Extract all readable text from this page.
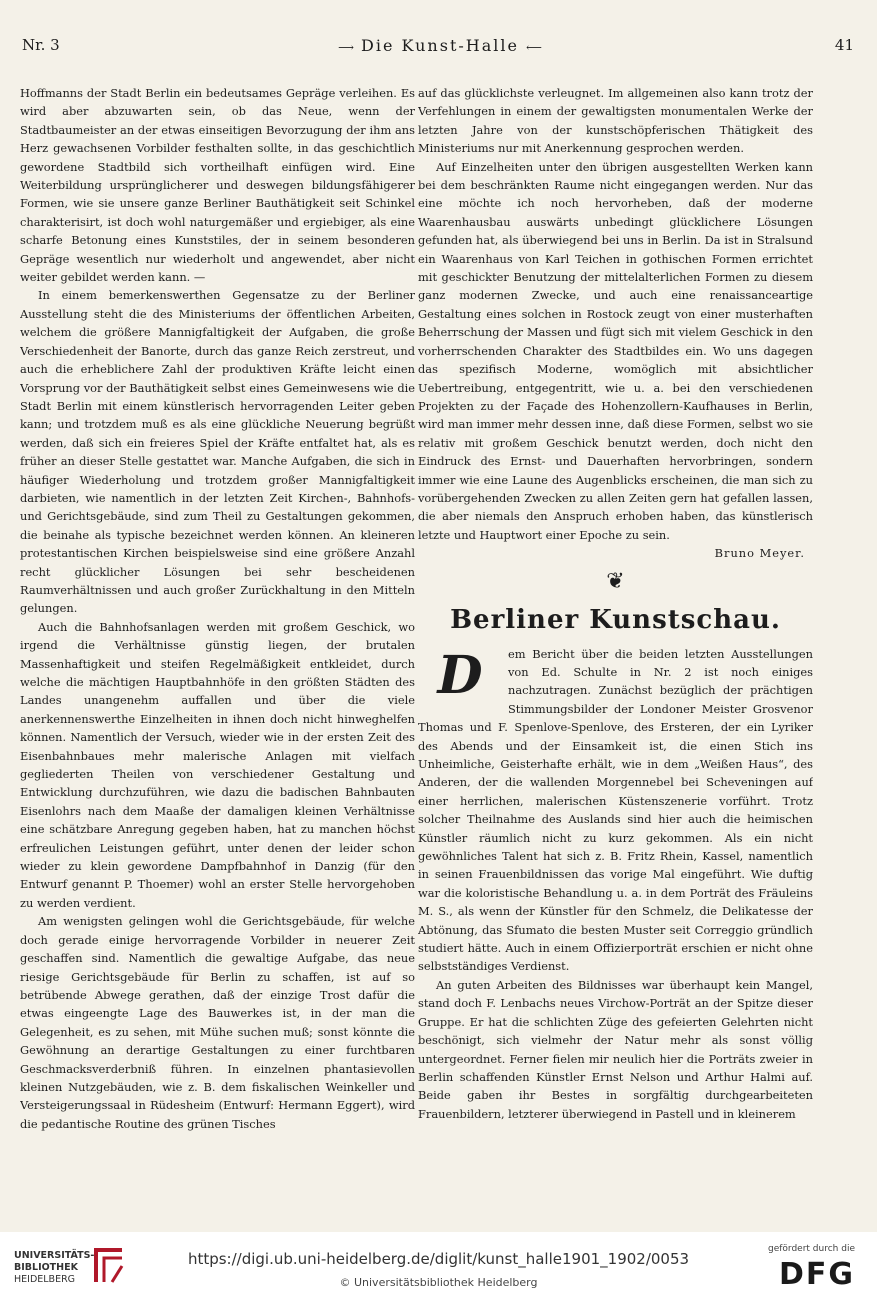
Nr. 3	⟶ Die Kunst-Halle ⟵	41

Hoffmanns der Stadt Berlin ein bedeutsames Gepräge verleihen. Es wird aber abzuwarten sein, ob das Neue, wenn der Stadtbaumeister an der etwas einseitigen Bevorzugung der ihm ans Herz gewachsenen Vorbilder festhalten sollte, in das geschichtlich gewordene Stadtbild sich vortheilhaft einfügen wird. Eine Weiterbildung ursprünglicherer und deswegen bildungsfähigerer Formen, wie sie unsere ganze Berliner Bauthätigkeit seit Schinkel charakterisirt, ist doch wohl naturgemäßer und ergiebiger, als eine scharfe Betonung eines Kunststiles, der in seinem besonderen Gepräge wesentlich nur wiederholt und angewendet, aber nicht weiter gebildet werden kann. —

In einem bemerkenswerthen Gegensatze zu der Berliner Ausstellung steht die des Ministeriums der öffentlichen Arbeiten, welchem die größere Mannigfaltigkeit der Aufgaben, die große Verschiedenheit der Banorte, durch das ganze Reich zerstreut, und auch die erheblichere Zahl der produktiven Kräfte leicht einen Vorsprung vor der Bauthätigkeit selbst eines Gemeinwesens wie die Stadt Berlin mit einem künstlerisch hervorragenden Leiter geben kann; und trotzdem muß es als eine glückliche Neuerung begrüßt werden, daß sich ein freieres Spiel der Kräfte entfaltet hat, als es früher an dieser Stelle gestattet war. Manche Aufgaben, die sich in häufiger Wiederholung und trotzdem großer Mannigfaltigkeit darbieten, wie namentlich in der letzten Zeit Kirchen-, Bahnhofs- und Gerichtsgebäude, sind zum Theil zu Gestaltungen gekommen, die beinahe als typische bezeichnet werden können. An kleineren protestantischen Kirchen beispielsweise sind eine größere Anzahl recht glücklicher Lösungen bei sehr bescheidenen Raumverhältnissen und auch großer Zurückhaltung in den Mitteln gelungen.

Auch die Bahnhofsanlagen werden mit großem Geschick, wo irgend die Verhältnisse günstig liegen, der brutalen Massenhaftigkeit und steifen Regelmäßigkeit entkleidet, durch welche die mächtigen Hauptbahnhöfe in den größten Städten des Landes unangenehm auffallen und über die viele anerkennenswerthe Einzelheiten in ihnen doch nicht hinweghelfen können. Namentlich der Versuch, wieder wie in der ersten Zeit des Eisenbahnbaues mehr malerische Anlagen mit vielfach gegliederten Theilen von verschiedener Gestaltung und Entwicklung durchzuführen, wie dazu die badischen Bahnbauten Eisenlohrs nach dem Maaße der damaligen kleinen Verhältnisse eine schätzbare Anregung gegeben haben, hat zu manchen höchst erfreulichen Leistungen geführt, unter denen der leider schon wieder zu klein gewordene Dampfbahnhof in Danzig (für den Entwurf genannt P. Thoemer) wohl an erster Stelle hervorgehoben zu werden verdient.

Am wenigsten gelingen wohl die Gerichtsgebäude, für welche doch gerade einige hervorragende Vorbilder in neuerer Zeit geschaffen sind. Namentlich die gewaltige Aufgabe, das neue riesige Gerichtsgebäude für Berlin zu schaffen, ist auf so betrübende Abwege gerathen, daß der einzige Trost dafür die etwas eingeengte Lage des Bauwerkes ist, in der man die Gelegenheit, es zu sehen, mit Mühe suchen muß; sonst könnte die Gewöhnung an derartige Gestaltungen zu einer furchtbaren Geschmacksverderbniß führen. In einzelnen phantasievollen kleinen Nutzgebäuden, wie z. B. dem fiskalischen Weinkeller und Versteigerungssaal in Rüdesheim (Entwurf: Hermann Eggert), wird die pedantische Routine des grünen Tisches

auf das glücklichste verleugnet. Im allgemeinen also kann trotz der Verfehlungen in einem der gewaltigsten monumentalen Werke der letzten Jahre von der kunstschöpferischen Thätigkeit des Ministeriums nur mit Anerkennung gesprochen werden.

Auf Einzelheiten unter den übrigen ausgestellten Werken kann bei dem beschränkten Raume nicht eingegangen werden. Nur das eine möchte ich noch hervorheben, daß der moderne Waarenhausbau auswärts unbedingt glücklichere Lösungen gefunden hat, als überwiegend bei uns in Berlin. Da ist in Stralsund ein Waarenhaus von Karl Teichen in gothischen Formen errichtet mit geschickter Benutzung der mittelalterlichen Formen zu diesem ganz modernen Zwecke, und auch eine renaissanceartige Gestaltung eines solchen in Rostock zeugt von einer musterhaften Beherrschung der Massen und fügt sich mit vielem Geschick in den vorherrschenden Charakter des Stadtbildes ein. Wo uns dagegen das spezifisch Moderne, womöglich mit absichtlicher Uebertreibung, entgegentritt, wie u. a. bei den verschiedenen Projekten zu der Façade des Hohenzollern-Kaufhauses in Berlin, wird man immer mehr dessen inne, daß diese Formen, selbst wo sie relativ mit großem Geschick benutzt werden, doch nicht den Eindruck des Ernst- und Dauerhaften hervorbringen, sondern immer wie eine Laune des Augenblicks erscheinen, die man sich zu vorübergehenden Zwecken zu allen Zeiten gern hat gefallen lassen, die aber niemals den Anspruch erhoben haben, das künstlerisch letzte und Hauptwort einer Epoche zu sein.

Bruno Meyer.
❦
Berliner Kunstschau.
D	em Bericht über die beiden letzten Ausstellungen von Ed. Schulte in Nr. 2 ist noch einiges nachzutragen. Zunächst bezüglich der prächtigen Stimmungsbilder der Londoner Meister Grosvenor Thomas und F. Spenlove-Spenlove, des Ersteren, der ein Lyriker des Abends und der Einsamkeit ist, die einen Stich ins Unheimliche, Geisterhafte erhält, wie in dem „Weißen Haus“, des Anderen, der die wallenden Morgennebel bei Scheveningen auf einer herrlichen, malerischen Küstenszenerie vorführt. Trotz solcher Theilnahme des Auslands sind hier auch die heimischen Künstler räumlich nicht zu kurz gekommen. Als ein nicht gewöhnliches Talent hat sich z. B. Fritz Rhein, Kassel, namentlich in seinen Frauenbildnissen das vorige Mal eingeführt. Wie duftig war die koloristische Behandlung u. a. in dem Porträt des Fräuleins M. S., als wenn der Künstler für den Schmelz, die Delikatesse der Abtönung, das Sfumato die besten Muster seit Correggio gründlich studiert hätte. Auch in einem Offizierporträt erschien er nicht ohne selbstständiges Verdienst.

An guten Arbeiten des Bildnisses war überhaupt kein Mangel, stand doch F. Lenbachs neues Virchow-Porträt an der Spitze dieser Gruppe. Er hat die schlichten Züge des gefeierten Gelehrten nicht beschönigt, sich vielmehr der Natur mehr als sonst völlig untergeordnet. Ferner fielen mir neulich hier die Porträts zweier in Berlin schaffenden Künstler Ernst Nelson und Arthur Halmi auf. Beide gaben ihr Bestes in sorgfältig durchgearbeiteten Frauenbildern, letzterer überwiegend in Pastell und in kleinerem

UNIVERSITÄTS-
BIBLIOTHEK
HEIDELBERG
https://digi.ub.uni-heidelberg.de/diglit/kunst_halle1901_1902/0053
© Universitätsbibliothek Heidelberg
gefördert durch die
DFG
